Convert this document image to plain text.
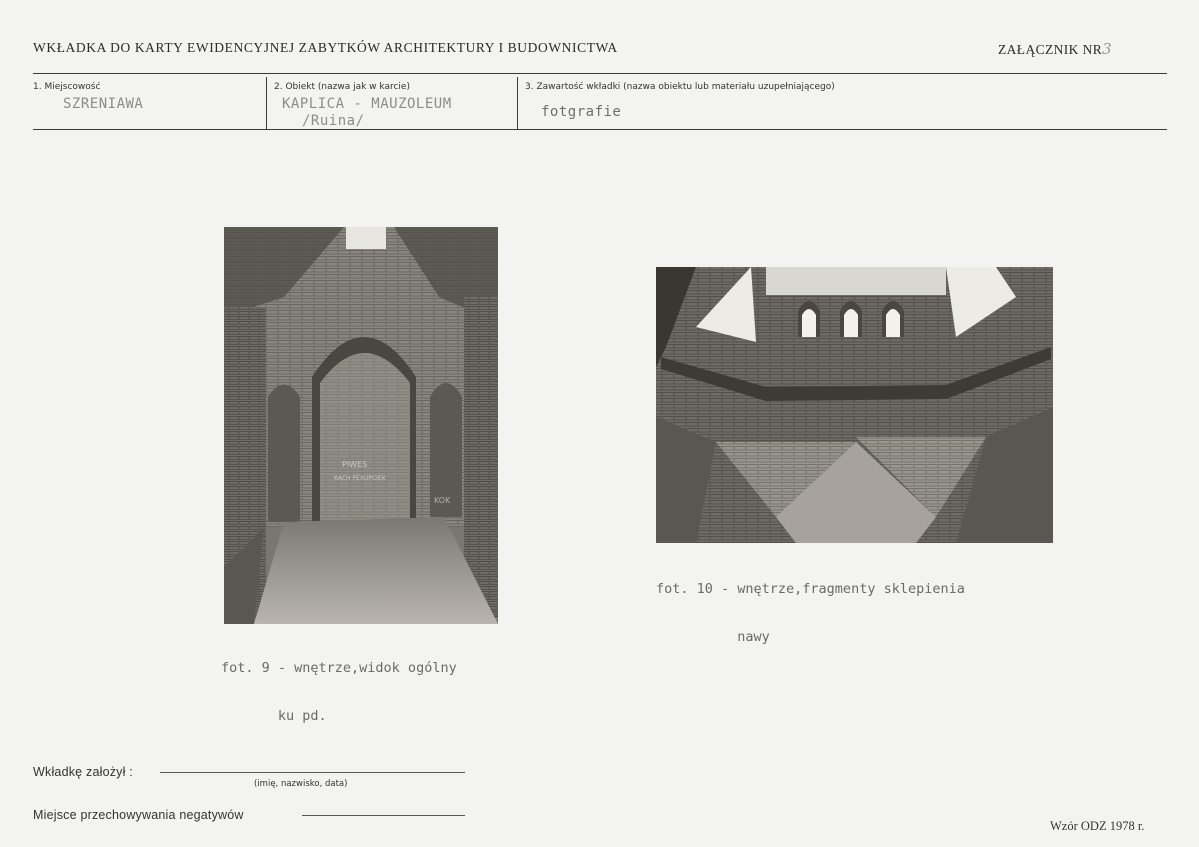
WKŁADKA DO KARTY EWIDENCYJNEJ ZABYTKÓW ARCHITEKTURY I BUDOWNICTWA	ZAŁĄCZNIK NR3
1. Miejscowość
SZRENIAWA
2. Obiekt (nazwa jak w karcie)
KAPLICA - MAUZOLEUM
/Ruina/
3. Zawartość wkładki (nazwa obiektu lub materiału uzupełniającego)
fotgrafie
PIWES
KACH PEXUPCIEK
KOK

fot. 9 - wnętrze,widok ogólny

ku pd.

fot. 10 - wnętrze,fragmenty sklepienia

nawy

Wkładkę założył :
(imię, nazwisko, data)
Miejsce przechowywania negatywów
Wzór ODZ 1978 r.
